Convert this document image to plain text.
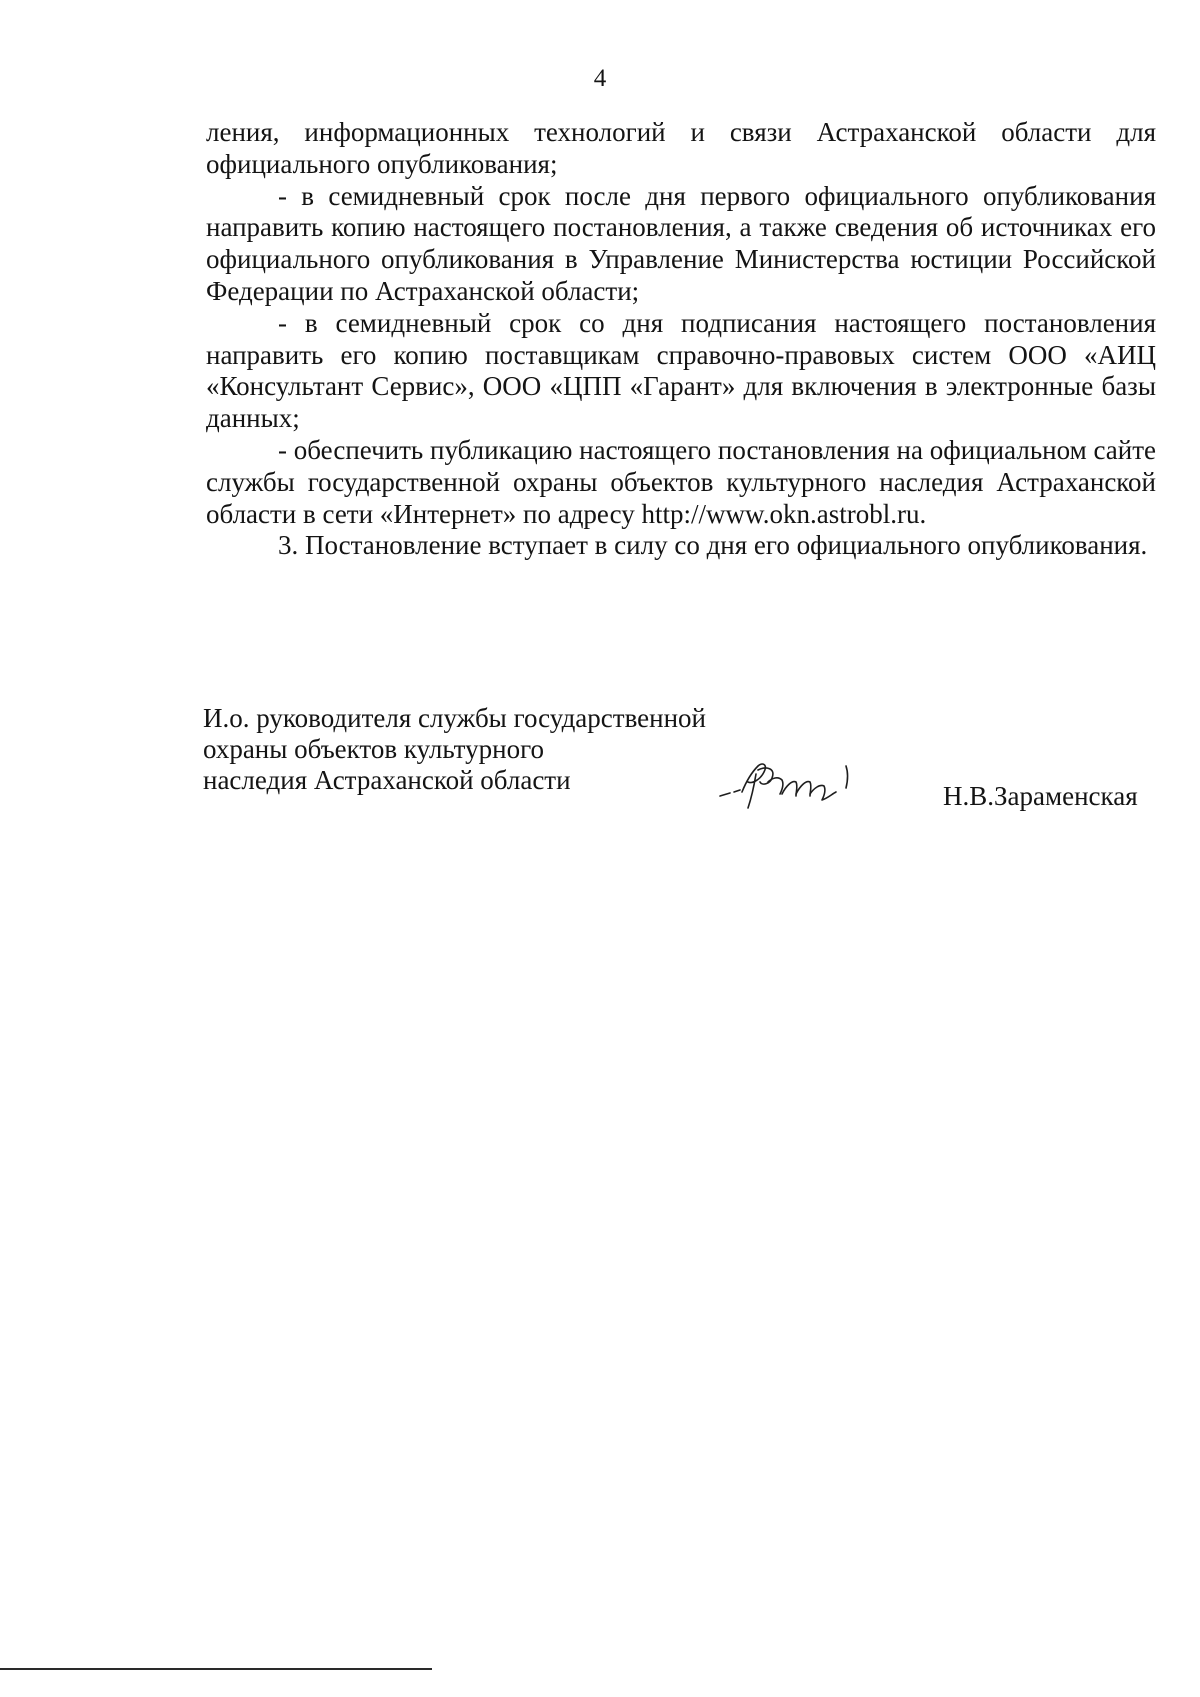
4

ления, информационных технологий и связи Астраханской области для официального опубликования;

- в семидневный срок после дня первого официального опубликования направить копию настоящего постановления, а также сведения об источниках его официального опубликования в Управление Министерства юстиции Российской Федерации по Астраханской области;

- в семидневный срок со дня подписания настоящего постановления направить его копию поставщикам справочно-правовых систем ООО «АИЦ «Консультант Сервис», ООО «ЦПП «Гарант» для включения в электронные базы данных;

- обеспечить публикацию настоящего постановления на официальном сайте службы государственной охраны объектов культурного наследия Астраханской области в сети «Интернет» по адресу http://www.okn.astrobl.ru.

3. Постановление вступает в силу со дня его официального опубликования.

И.о. руководителя службы государственной
охраны объектов культурного
наследия Астраханской области
Н.В.Зараменская
